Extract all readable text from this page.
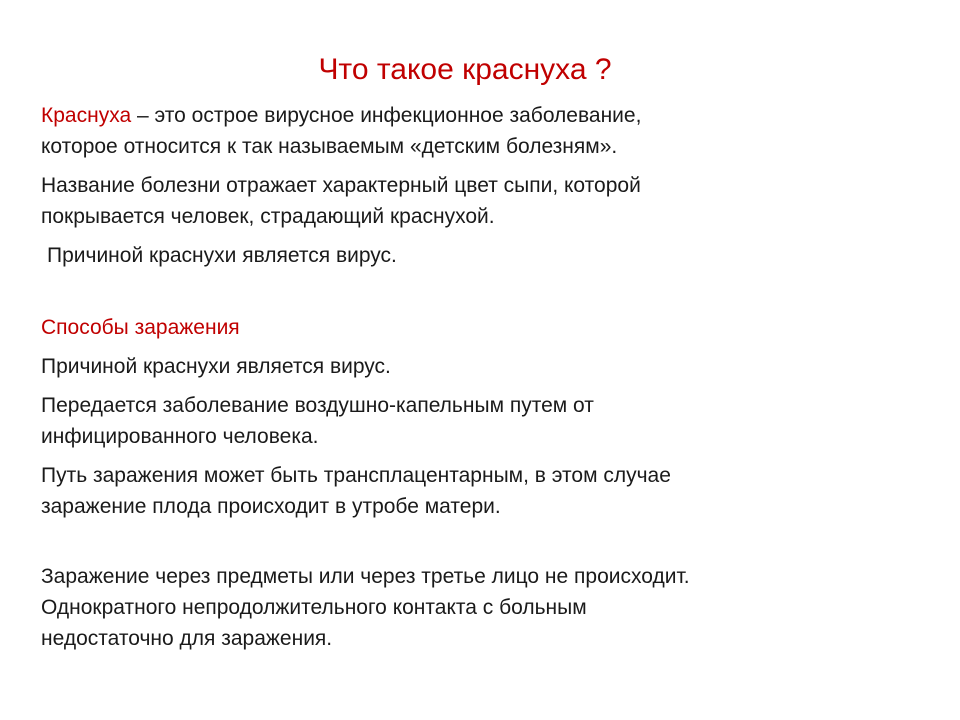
Что такое краснуха ?

Краснуха – это острое вирусное инфекционное заболевание,
которое относится к так называемым «детским болезням».

Название болезни отражает характерный цвет сыпи, которой
покрывается человек, страдающий краснухой.

Причиной краснухи является вирус.

Способы заражения

Причиной краснухи является вирус.

Передается заболевание воздушно-капельным путем от
инфицированного человека.

Путь заражения может быть трансплацентарным, в этом случае
заражение плода происходит в утробе матери.

Заражение через предметы или через третье лицо не происходит.
Однократного непродолжительного контакта с больным
недостаточно для заражения.
